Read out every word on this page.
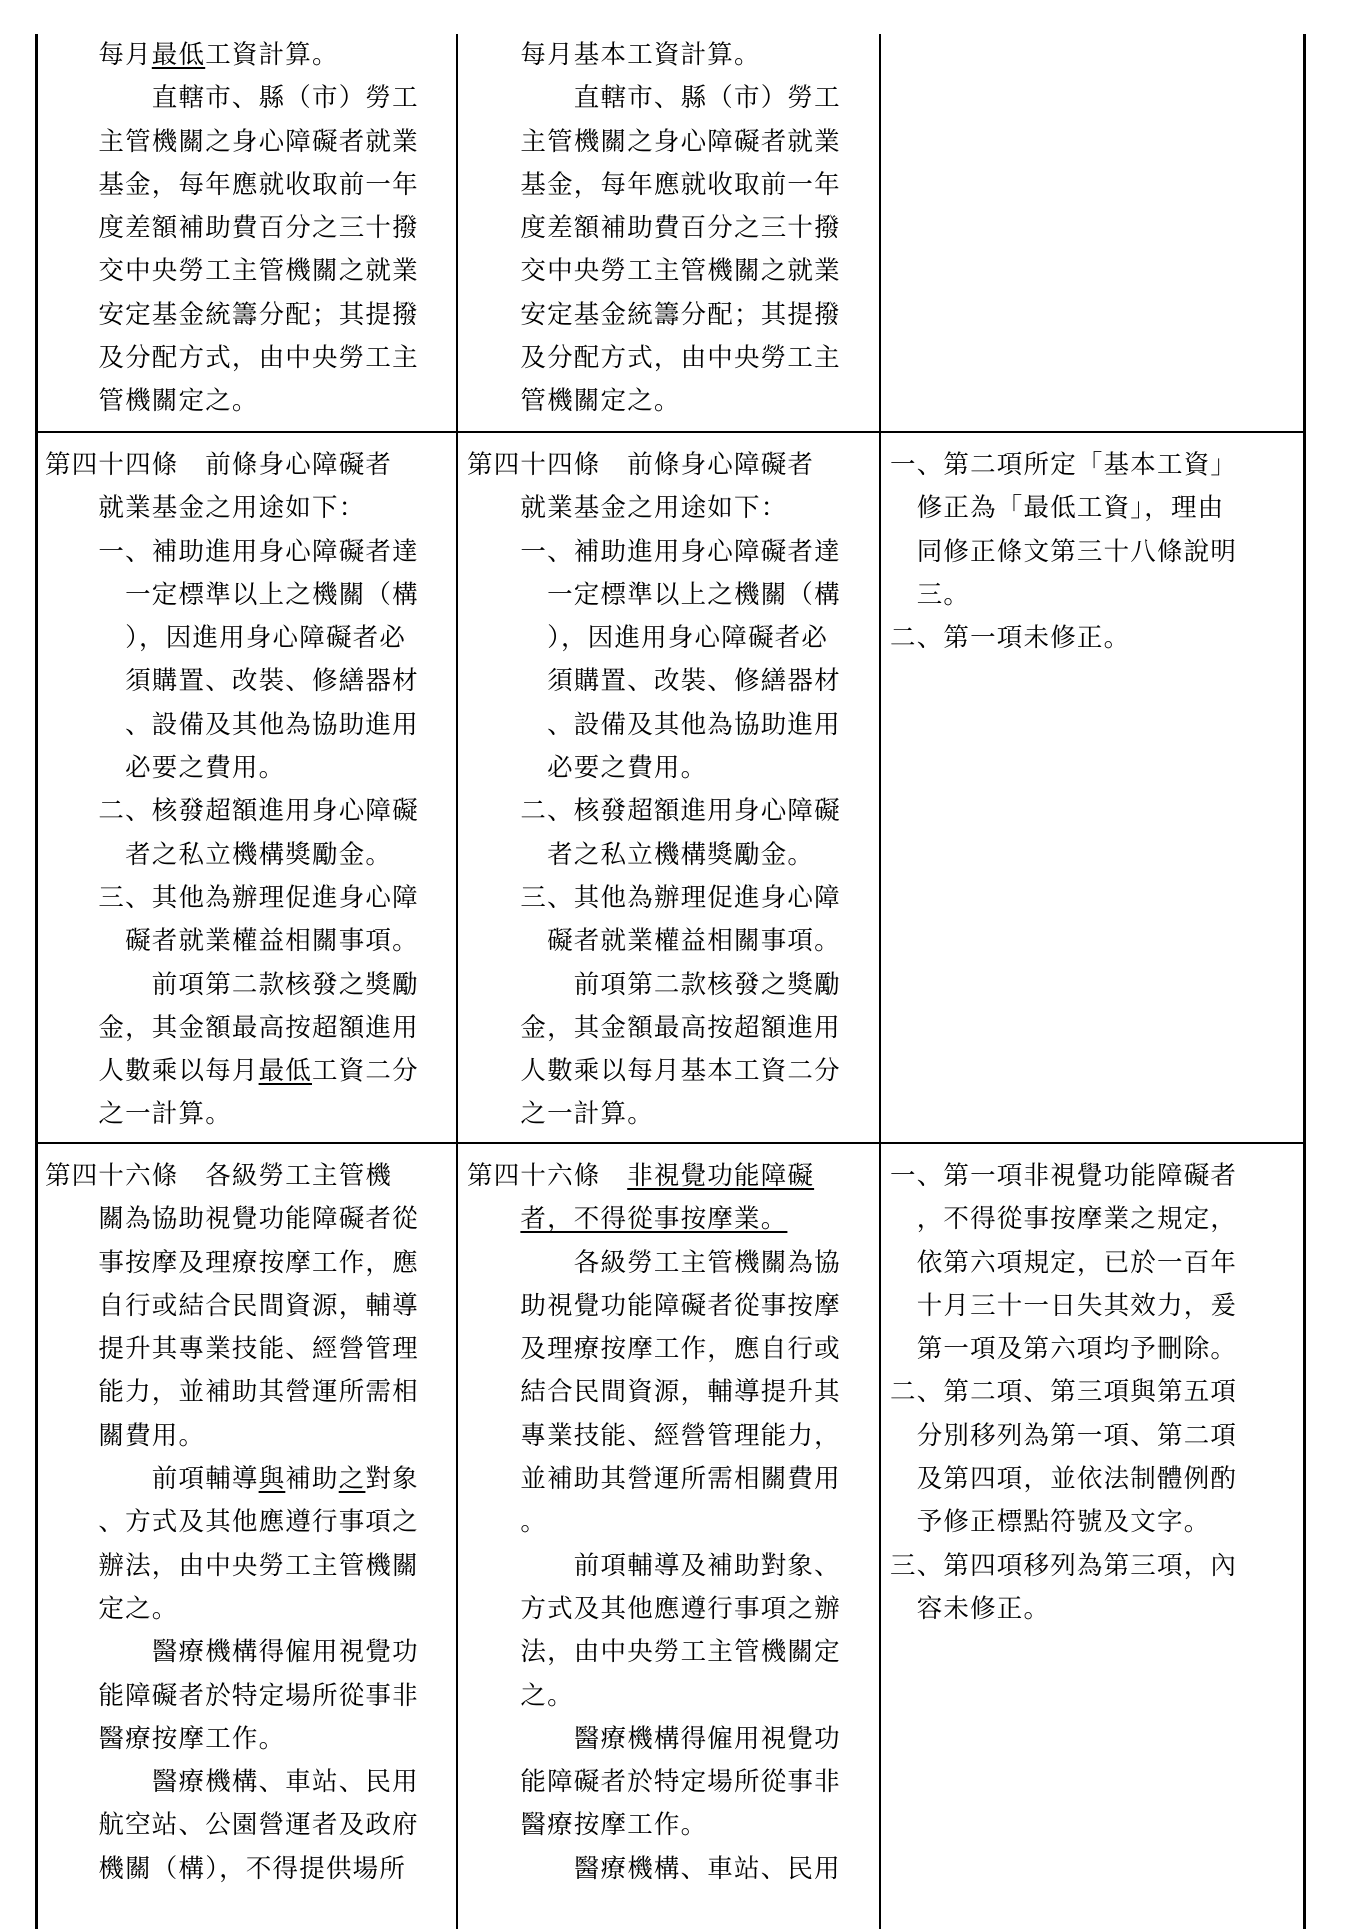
每月最低工資計算。
直轄市、縣（市）勞工
主管機關之身心障礙者就業
基金，每年應就收取前一年
度差額補助費百分之三十撥
交中央勞工主管機關之就業
安定基金統籌分配；其提撥
及分配方式，由中央勞工主
管機關定之。
每月基本工資計算。
直轄市、縣（市）勞工
主管機關之身心障礙者就業
基金，每年應就收取前一年
度差額補助費百分之三十撥
交中央勞工主管機關之就業
安定基金統籌分配；其提撥
及分配方式，由中央勞工主
管機關定之。
第四十四條　前條身心障礙者
就業基金之用途如下：
一、補助進用身心障礙者達
一定標準以上之機關（構
），因進用身心障礙者必
須購置、改裝、修繕器材
、設備及其他為協助進用
必要之費用。
二、核發超額進用身心障礙
者之私立機構獎勵金。
三、其他為辦理促進身心障
礙者就業權益相關事項。
前項第二款核發之獎勵
金，其金額最高按超額進用
人數乘以每月最低工資二分
之一計算。
第四十四條　前條身心障礙者
就業基金之用途如下：
一、補助進用身心障礙者達
一定標準以上之機關（構
），因進用身心障礙者必
須購置、改裝、修繕器材
、設備及其他為協助進用
必要之費用。
二、核發超額進用身心障礙
者之私立機構獎勵金。
三、其他為辦理促進身心障
礙者就業權益相關事項。
前項第二款核發之獎勵
金，其金額最高按超額進用
人數乘以每月基本工資二分
之一計算。
一、第二項所定「基本工資」
修正為「最低工資」，理由
同修正條文第三十八條說明
三。
二、第一項未修正。
第四十六條　各級勞工主管機
關為協助視覺功能障礙者從
事按摩及理療按摩工作，應
自行或結合民間資源，輔導
提升其專業技能、經營管理
能力，並補助其營運所需相
關費用。
前項輔導與補助之對象
、方式及其他應遵行事項之
辦法，由中央勞工主管機關
定之。
醫療機構得僱用視覺功
能障礙者於特定場所從事非
醫療按摩工作。
醫療機構、車站、民用
航空站、公園營運者及政府
機關（構），不得提供場所
第四十六條　非視覺功能障礙
者，不得從事按摩業。
各級勞工主管機關為協
助視覺功能障礙者從事按摩
及理療按摩工作，應自行或
結合民間資源，輔導提升其
專業技能、經營管理能力，
並補助其營運所需相關費用
。
前項輔導及補助對象、
方式及其他應遵行事項之辦
法，由中央勞工主管機關定
之。
醫療機構得僱用視覺功
能障礙者於特定場所從事非
醫療按摩工作。
醫療機構、車站、民用
一、第一項非視覺功能障礙者
，不得從事按摩業之規定，
依第六項規定，已於一百年
十月三十一日失其效力，爰
第一項及第六項均予刪除。
二、第二項、第三項與第五項
分別移列為第一項、第二項
及第四項，並依法制體例酌
予修正標點符號及文字。
三、第四項移列為第三項，內
容未修正。
